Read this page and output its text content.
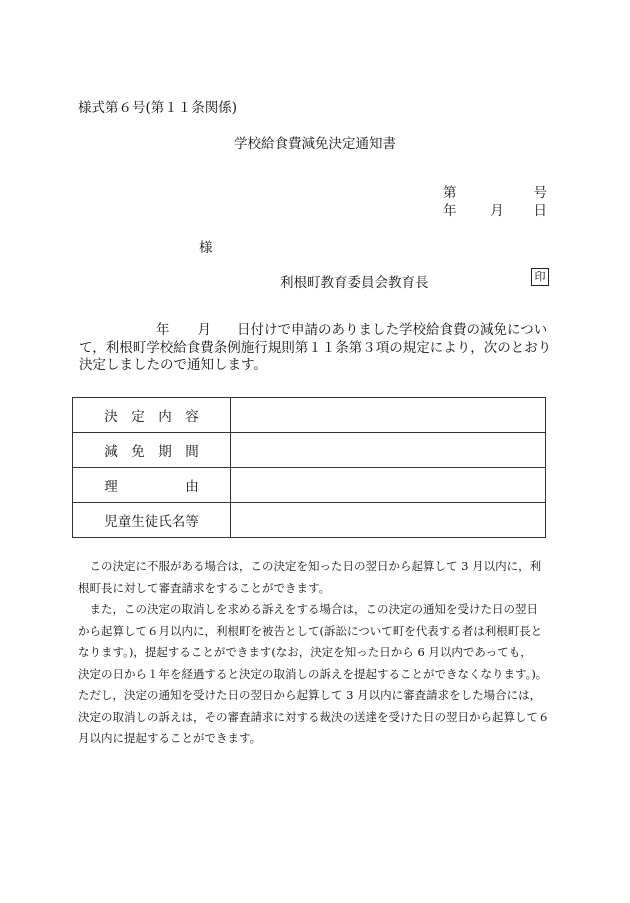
様式第６号(第１１条関係)
学校給食費減免決定通知書
第	号
年	月 日
様
利根町教育委員会教育長	印
年 月 日付けで申請のありました学校給食費の減免につい
て，利根町学校給食費条例施行規則第１１条第３項の規定により，次のとおり
決定しましたので通知します。
決　定　内　容	
減　免　期　間	
理　　　　　由	
児童生徒氏名等	
　この決定に不服がある場合は，この決定を知った日の翌日から起算して 3 月以内に，利
根町長に対して審査請求をすることができます。
　また，この決定の取消しを求める訴えをする場合は，この決定の通知を受けた日の翌日
から起算して６月以内に，利根町を被告として(訴訟について町を代表する者は利根町長と
なります。)，提起することができます(なお，決定を知った日から 6 月以内であっても，
決定の日から１年を経過すると決定の取消しの訴えを提起することができなくなります。)。
ただし，決定の通知を受けた日の翌日から起算して 3 月以内に審査請求をした場合には，
決定の取消しの訴えは，その審査請求に対する裁決の送達を受けた日の翌日から起算して６
月以内に提起することができます。
